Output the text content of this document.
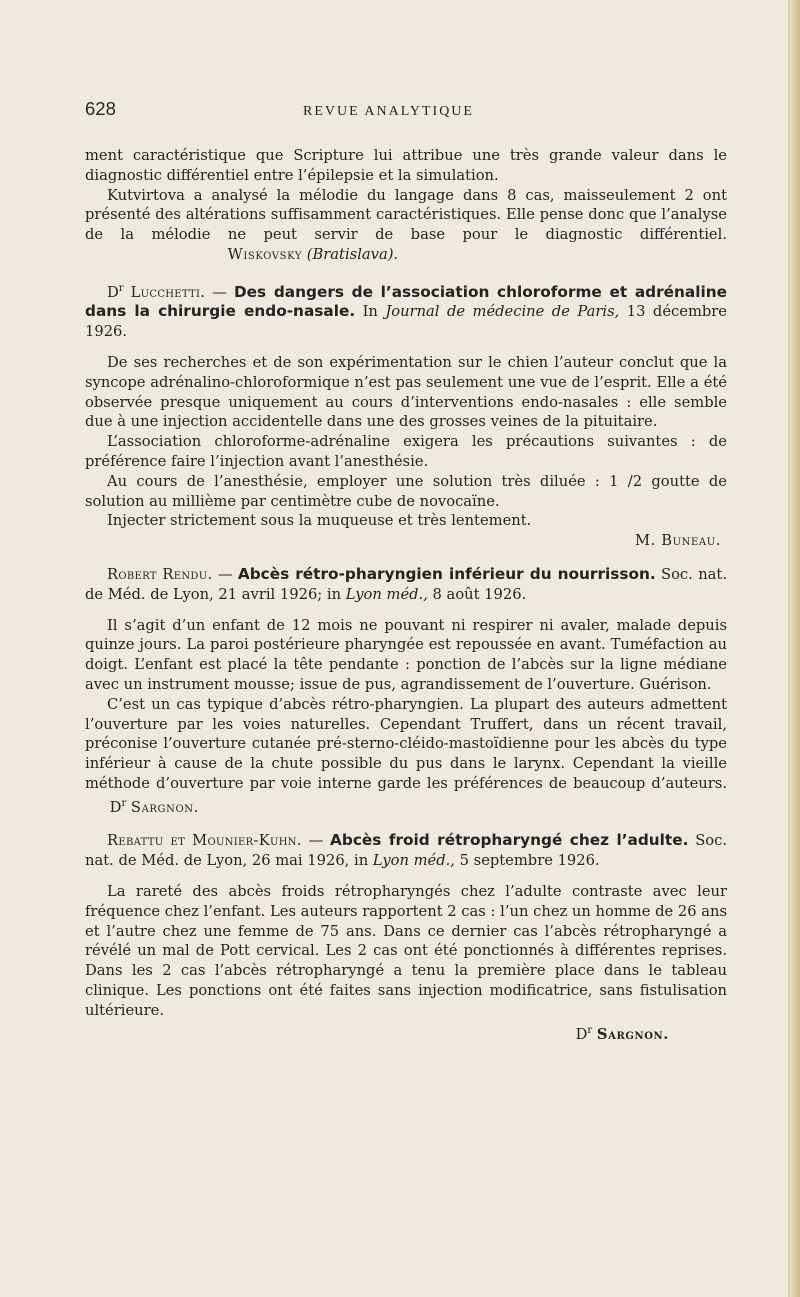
628	REVUE ANALYTIQUE

ment caractéristique que Scripture lui attribue une très grande valeur dans le diagnostic différentiel entre l’épilepsie et la simulation.

Kutvirtova a analysé la mélodie du langage dans 8 cas, maisseulement 2 ont présenté des altérations suffisamment caractéristiques. Elle pense donc que l’analyse de la mélodie ne peut servir de base pour le diagnostic différentiel.  Wiskovsky (Bratislava).

$D^r$ Lucchetti. — Des dangers de l’association chloroforme et adrénaline dans la chirurgie endo-nasale. In Journal de médecine de Paris, 13 décembre 1926.

De ses recherches et de son expérimentation sur le chien l’auteur conclut que la syncope adrénalino-chloroformique n’est pas seulement une vue de l’esprit. Elle a été observée presque uniquement au cours d’interventions endo-nasales : elle semble due à une injection accidentelle dans une des grosses veines de la pituitaire.

L’association chloroforme-adrénaline exigera les précautions suivantes : de préférence faire l’injection avant l’anesthésie.

Au cours de l’anesthésie, employer une solution très diluée : 1 /2 goutte de solution au millième par centimètre cube de novocaïne.

Injecter strictement sous la muqueuse et très lentement.

M. Buneau.

Robert Rendu. — Abcès rétro-pharyngien inférieur du nourrisson. Soc. nat. de Méd. de Lyon, 21 avril 1926; in Lyon méd., 8 août 1926.

Il s’agit d’un enfant de 12 mois ne pouvant ni respirer ni avaler, malade depuis quinze jours. La paroi postérieure pharyngée est repoussée en avant. Tuméfaction au doigt. L’enfant est placé la tête pendante : ponction de l’abcès sur la ligne médiane avec un instrument mousse; issue de pus, agrandissement de l’ouverture. Guérison.

C’est un cas typique d’abcès rétro-pharyngien. La plupart des auteurs admettent l’ouverture par les voies naturelles. Cependant Truffert, dans un récent travail, préconise l’ouverture cutanée pré-sterno-cléido-mastoïdienne pour les abcès du type inférieur à cause de la chute possible du pus dans le larynx. Cependant la vieille méthode d’ouverture par voie interne garde les préférences de beaucoup d’auteurs.  $D^r$ Sargnon.

Rebattu et Mounier-Kuhn. — Abcès froid rétropharyngé chez l’adulte. Soc. nat. de Méd. de Lyon, 26 mai 1926, in Lyon méd., 5 septembre 1926.

La rareté des abcès froids rétropharyngés chez l’adulte contraste avec leur fréquence chez l’enfant. Les auteurs rapportent 2 cas : l’un chez un homme de 26 ans et l’autre chez une femme de 75 ans. Dans ce dernier cas l’abcès rétropharyngé a révélé un mal de Pott cervical. Les 2 cas ont été ponctionnés à différentes reprises. Dans les 2 cas l’abcès rétropharyngé a tenu la première place dans le tableau clinique. Les ponctions ont été faites sans injection modificatrice, sans fistulisation ultérieure.

$D^r$ Sargnon.
